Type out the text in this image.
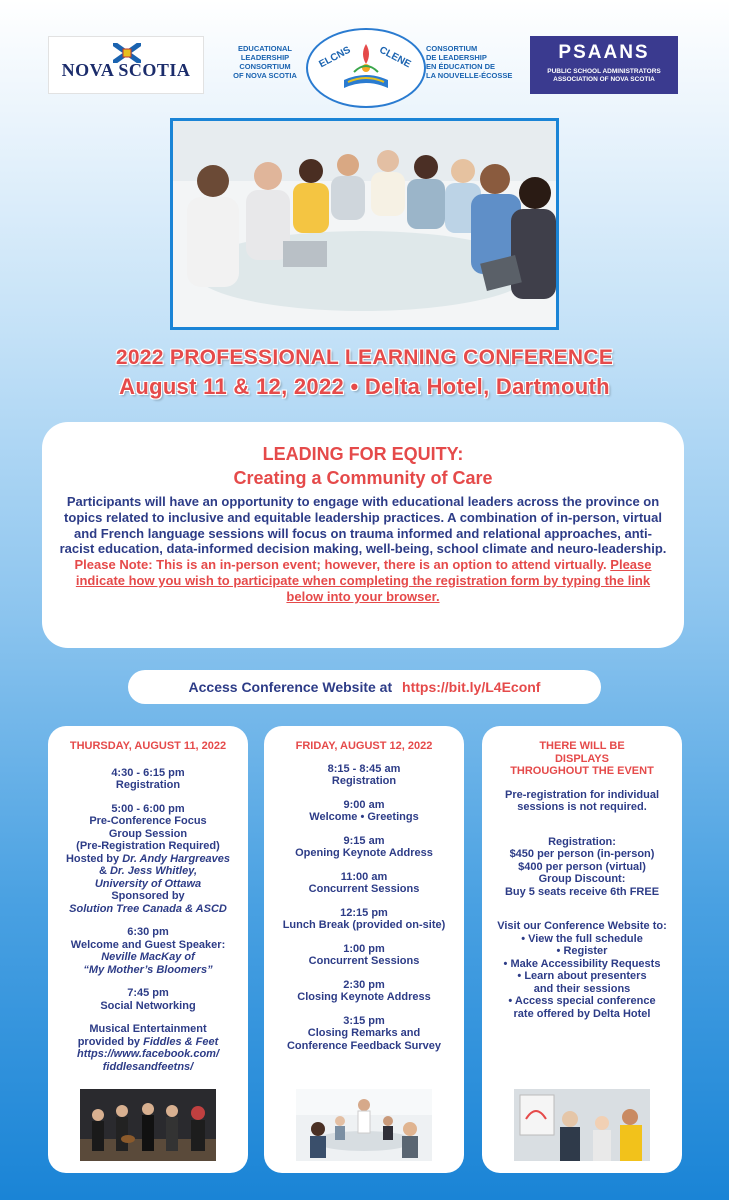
NOVA SCOTIA
EDUCATIONAL
LEADERSHIP
CONSORTIUM
OF NOVA SCOTIA
ELCNS CLENE CONSORTIUM
DE LEADERSHIP
EN ÉDUCATION DE
LA NOUVELLE-ÉCOSSE
PSAANS
PUBLIC SCHOOL ADMINISTRATORS
ASSOCIATION OF NOVA SCOTIA
2022 PROFESSIONAL LEARNING CONFERENCE
August 11 & 12, 2022 • Delta Hotel, Dartmouth
LEADING FOR EQUITY:
Creating a Community of Care
Participants will have an opportunity to engage with educational leaders across the province on topics related to inclusive and equitable leadership practices. A combination of in-person, virtual and French language sessions will focus on trauma informed and relational approaches, anti-racist education, data-informed decision making, well-being, school climate and neuro-leadership. Please Note: This is an in-person event; however, there is an option to attend virtually. Please indicate how you wish to participate when completing the registration form by typing the link below into your browser.
Access Conference Website at https://bit.ly/L4Econf
THURSDAY, AUGUST 11, 2022
4:30 - 6:15 pm
Registration
5:00 - 6:00 pm
Pre-Conference Focus
Group Session
(Pre-Registration Required)
Hosted by Dr. Andy Hargreaves
& Dr. Jess Whitley,
University of Ottawa
Sponsored by
Solution Tree Canada & ASCD
6:30 pm
Welcome and Guest Speaker:
Neville MacKay of
“My Mother’s Bloomers”
7:45 pm
Social Networking
Musical Entertainment
provided by Fiddles & Feet
https://www.facebook.com/
fiddlesandfeetns/
FRIDAY, AUGUST 12, 2022
8:15 - 8:45 am
Registration
9:00 am
Welcome • Greetings
9:15 am
Opening Keynote Address
11:00 am
Concurrent Sessions
12:15 pm
Lunch Break (provided on-site)
1:00 pm
Concurrent Sessions
2:30 pm
Closing Keynote Address
3:15 pm
Closing Remarks and
Conference Feedback Survey
THERE WILL BE
DISPLAYS
THROUGHOUT THE EVENT
Pre-registration for individual
sessions is not required.
Registration:
$450 per person (in-person)
$400 per person (virtual)
Group Discount:
Buy 5 seats receive 6th FREE
Visit our Conference Website to:
• View the full schedule
• Register
• Make Accessibility Requests
• Learn about presenters
and their sessions
• Access special conference
rate offered by Delta Hotel
